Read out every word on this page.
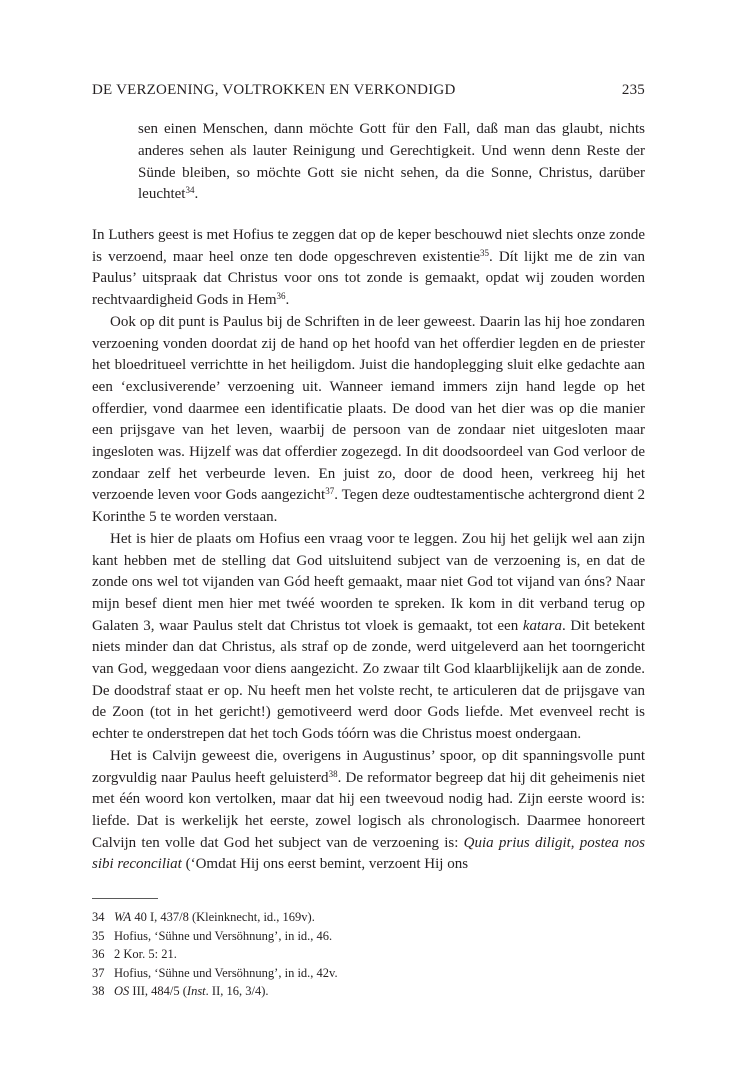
DE VERZOENING, VOLTROKKEN EN VERKONDIGD	235

sen einen Menschen, dann möchte Gott für den Fall, daß man das glaubt, nichts anderes sehen als lauter Reinigung und Gerechtigkeit. Und wenn denn Reste der Sünde bleiben, so möchte Gott sie nicht sehen, da die Sonne, Christus, darüber leuchtet$^{34}$.

In Luthers geest is met Hofius te zeggen dat op de keper beschouwd niet slechts onze zonde is verzoend, maar heel onze ten dode opgeschreven existentie$^{35}$. Dít lijkt me de zin van Paulus’ uitspraak dat Christus voor ons tot zonde is gemaakt, opdat wij zouden worden rechtvaardigheid Gods in Hem$^{36}$.

Ook op dit punt is Paulus bij de Schriften in de leer geweest. Daarin las hij hoe zondaren verzoening vonden doordat zij de hand op het hoofd van het offerdier legden en de priester het bloedritueel verrichtte in het heiligdom. Juist die handoplegging sluit elke gedachte aan een ‘exclusiverende’ verzoening uit. Wanneer iemand immers zijn hand legde op het offerdier, vond daarmee een identificatie plaats. De dood van het dier was op die manier een prijsgave van het leven, waarbij de persoon van de zondaar niet uitgesloten maar ingesloten was. Hijzelf was dat offerdier zogezegd. In dit doodsoordeel van God verloor de zondaar zelf het verbeurde leven. En juist zo, door de dood heen, verkreeg hij het verzoende leven voor Gods aangezicht$^{37}$. Tegen deze oudtestamentische achtergrond dient 2 Korinthe 5 te worden verstaan.

Het is hier de plaats om Hofius een vraag voor te leggen. Zou hij het gelijk wel aan zijn kant hebben met de stelling dat God uitsluitend subject van de verzoening is, en dat de zonde ons wel tot vijanden van Gód heeft gemaakt, maar niet God tot vijand van óns? Naar mijn besef dient men hier met twéé woorden te spreken. Ik kom in dit verband terug op Galaten 3, waar Paulus stelt dat Christus tot vloek is gemaakt, tot een katara. Dit betekent niets minder dan dat Christus, als straf op de zonde, werd uitgeleverd aan het toorngericht van God, weggedaan voor diens aangezicht. Zo zwaar tilt God klaarblijkelijk aan de zonde. De doodstraf staat er op. Nu heeft men het volste recht, te articuleren dat de prijsgave van de Zoon (tot in het gericht!) gemotiveerd werd door Gods liefde. Met evenveel recht is echter te onderstrepen dat het toch Gods tóórn was die Christus moest ondergaan.

Het is Calvijn geweest die, overigens in Augustinus’ spoor, op dit spanningsvolle punt zorgvuldig naar Paulus heeft geluisterd$^{38}$. De reformator begreep dat hij dit geheimenis niet met één woord kon vertolken, maar dat hij een tweevoud nodig had. Zijn eerste woord is: liefde. Dat is werkelijk het eerste, zowel logisch als chronologisch. Daarmee honoreert Calvijn ten volle dat God het subject van de verzoening is: Quia prius diligit, postea nos sibi reconciliat (‘Omdat Hij ons eerst bemint, verzoent Hij ons

34 WA 40 I, 437/8 (Kleinknecht, id., 169v).
35 Hofius, ‘Sühne und Versöhnung’, in id., 46.
36 2 Kor. 5: 21.
37 Hofius, ‘Sühne und Versöhnung’, in id., 42v.
38 OS III, 484/5 (Inst. II, 16, 3/4).
